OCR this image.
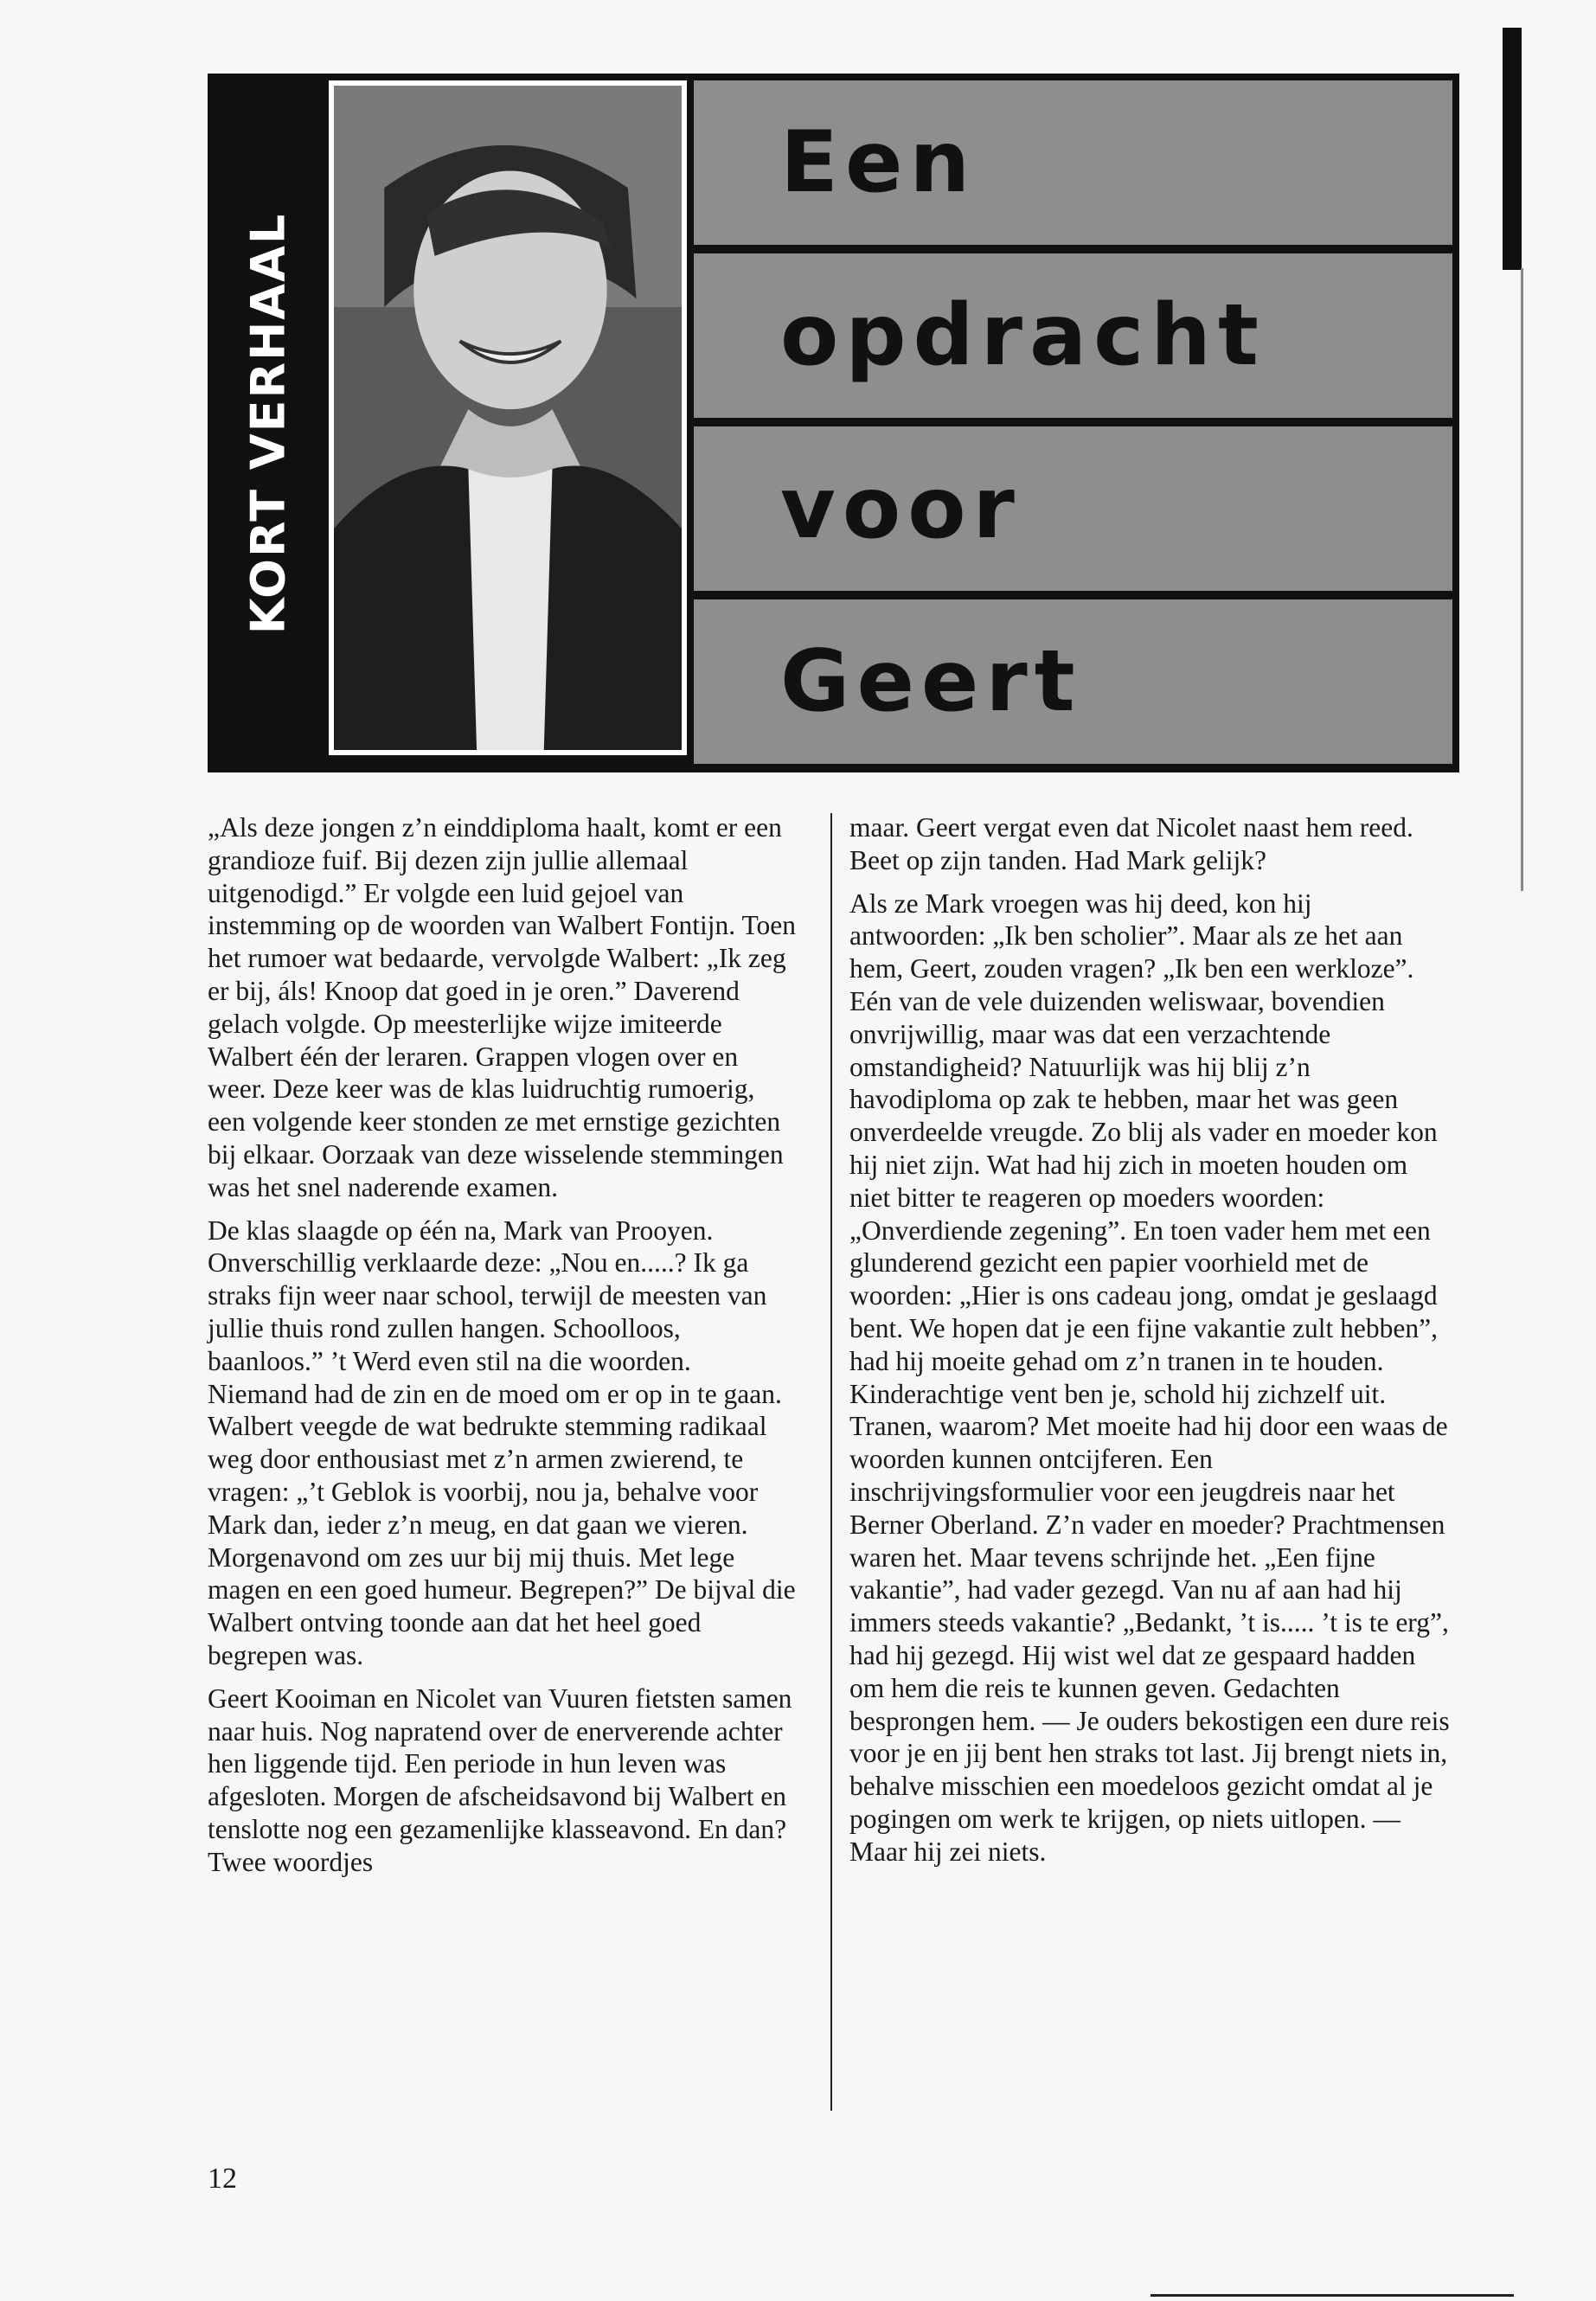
KORT VERHAAL
Een
opdracht
voor
Geert

„Als deze jongen z’n einddiploma haalt, komt er een grandioze fuif. Bij dezen zijn jullie allemaal uitgenodigd.” Er volgde een luid gejoel van instemming op de woorden van Walbert Fontijn. Toen het rumoer wat bedaarde, vervolgde Walbert: „Ik zeg er bij, áls! Knoop dat goed in je oren.” Daverend gelach volgde. Op meesterlijke wijze imiteerde Walbert één der leraren. Grappen vlogen over en weer. Deze keer was de klas luidruchtig rumoerig, een volgende keer stonden ze met ernstige gezichten bij elkaar. Oorzaak van deze wisselende stemmingen was het snel naderende examen.

De klas slaagde op één na, Mark van Prooyen. Onverschillig verklaarde deze: „Nou en.....? Ik ga straks fijn weer naar school, terwijl de meesten van jullie thuis rond zullen hangen. Schoolloos, baanloos.” ’t Werd even stil na die woorden. Niemand had de zin en de moed om er op in te gaan. Walbert veegde de wat bedrukte stemming radikaal weg door enthousiast met z’n armen zwierend, te vragen: „’t Geblok is voorbij, nou ja, behalve voor Mark dan, ieder z’n meug, en dat gaan we vieren. Morgenavond om zes uur bij mij thuis. Met lege magen en een goed humeur. Begrepen?” De bijval die Walbert ontving toonde aan dat het heel goed begrepen was.

Geert Kooiman en Nicolet van Vuuren fietsten samen naar huis. Nog napratend over de enerverende achter hen liggende tijd. Een periode in hun leven was afgesloten. Morgen de afscheidsavond bij Walbert en tenslotte nog een gezamenlijke klasseavond. En dan? Twee woordjes

maar. Geert vergat even dat Nicolet naast hem reed. Beet op zijn tanden. Had Mark gelijk?

Als ze Mark vroegen was hij deed, kon hij antwoorden: „Ik ben scholier”. Maar als ze het aan hem, Geert, zouden vragen? „Ik ben een werkloze”. Eén van de vele duizenden weliswaar, bovendien onvrijwillig, maar was dat een verzachtende omstandigheid? Natuurlijk was hij blij z’n havodiploma op zak te hebben, maar het was geen onverdeelde vreugde. Zo blij als vader en moeder kon hij niet zijn. Wat had hij zich in moeten houden om niet bitter te reageren op moeders woorden: „Onverdiende zegening”. En toen vader hem met een glunderend gezicht een papier voorhield met de woorden: „Hier is ons cadeau jong, omdat je geslaagd bent. We hopen dat je een fijne vakantie zult hebben”, had hij moeite gehad om z’n tranen in te houden. Kinderachtige vent ben je, schold hij zichzelf uit. Tranen, waarom? Met moeite had hij door een waas de woorden kunnen ontcijferen. Een inschrijvingsformulier voor een jeugdreis naar het Berner Oberland. Z’n vader en moeder? Prachtmensen waren het. Maar tevens schrijnde het. „Een fijne vakantie”, had vader gezegd. Van nu af aan had hij immers steeds vakantie? „Bedankt, ’t is..... ’t is te erg”, had hij gezegd. Hij wist wel dat ze gespaard hadden om hem die reis te kunnen geven. Gedachten besprongen hem. — Je ouders bekostigen een dure reis voor je en jij bent hen straks tot last. Jij brengt niets in, behalve misschien een moedeloos gezicht omdat al je pogingen om werk te krijgen, op niets uitlopen. — Maar hij zei niets.

12
